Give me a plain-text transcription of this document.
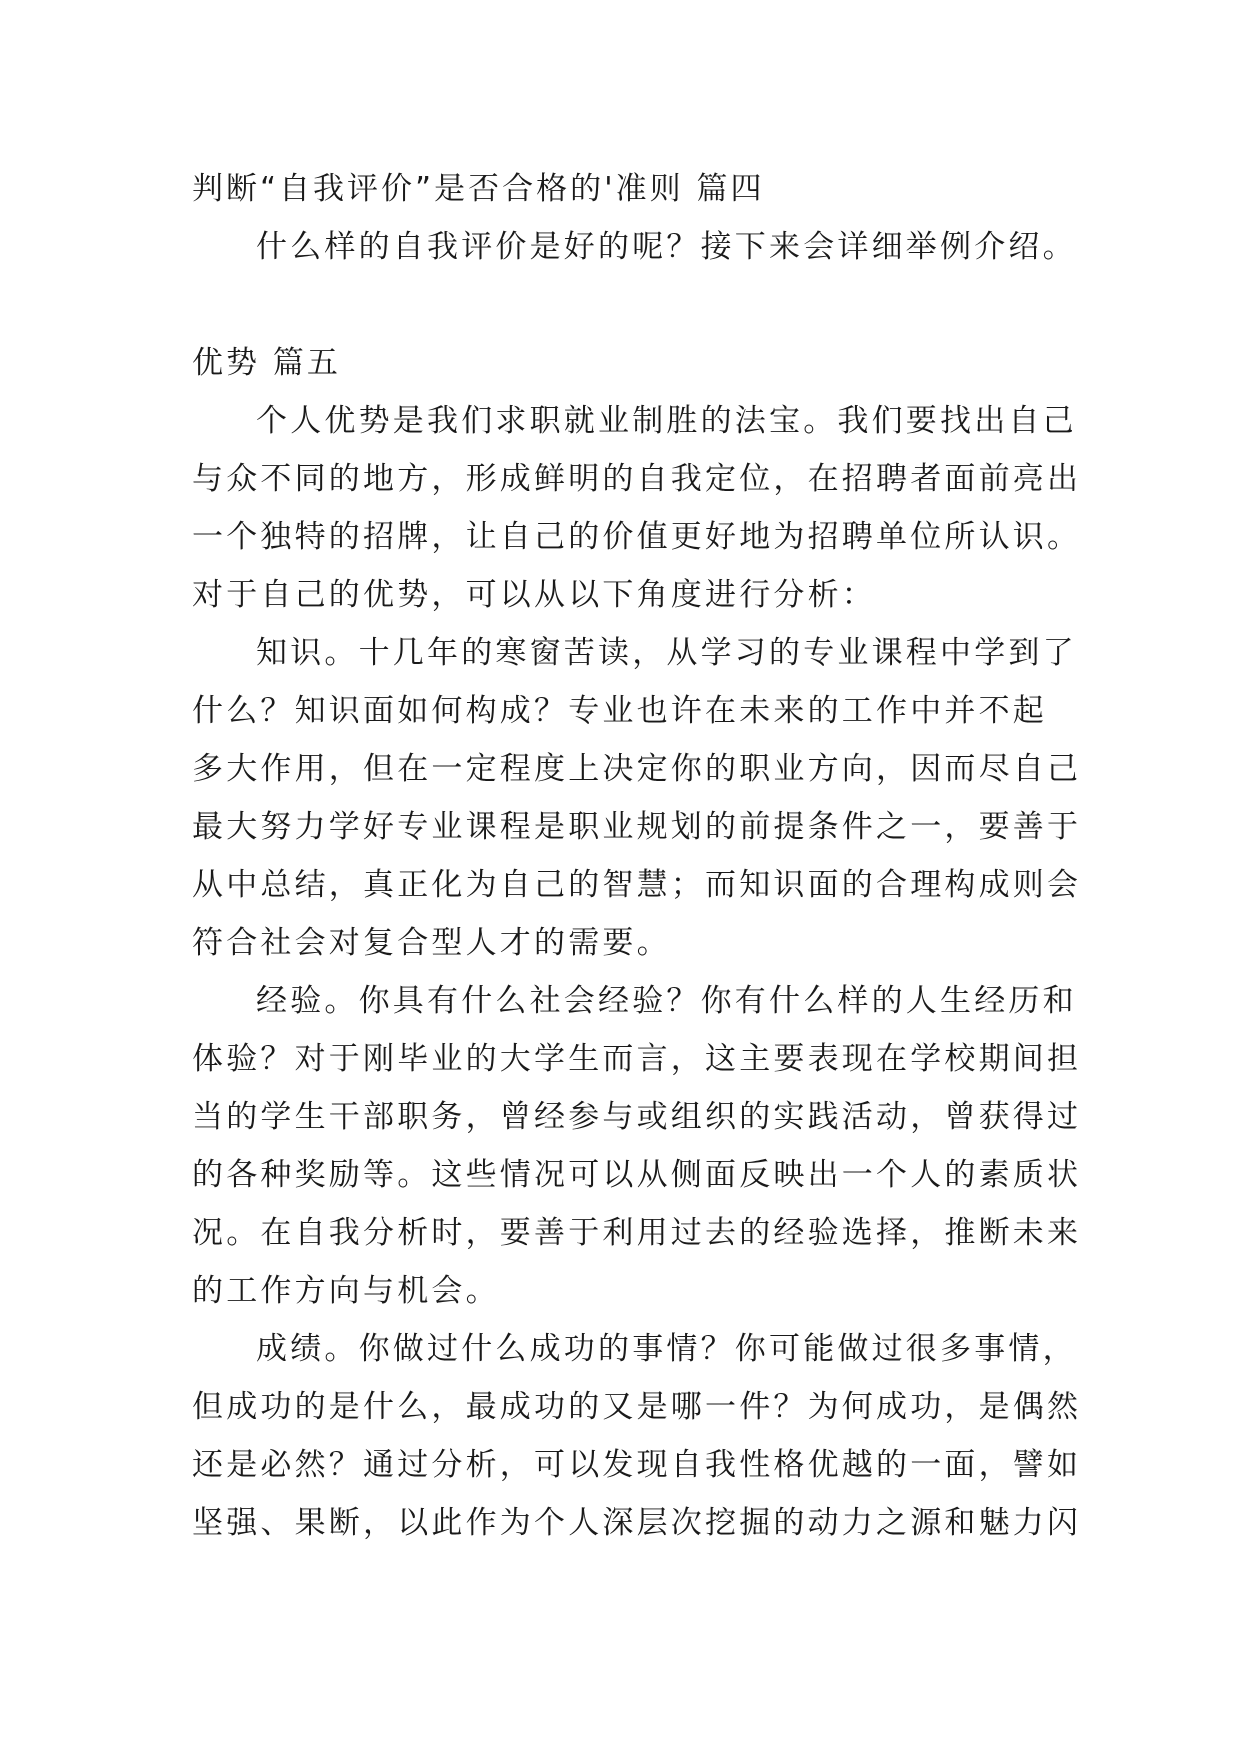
判断“自我评价”是否合格的'准则 篇四
什么样的自我评价是好的呢？接下来会详细举例介绍。
优势 篇五
个人优势是我们求职就业制胜的法宝。我们要找出自己
与众不同的地方，形成鲜明的自我定位，在招聘者面前亮出
一个独特的招牌，让自己的价值更好地为招聘单位所认识。
对于自己的优势，可以从以下角度进行分析：
知识。十几年的寒窗苦读，从学习的专业课程中学到了
什么？知识面如何构成？专业也许在未来的工作中并不起
多大作用，但在一定程度上决定你的职业方向，因而尽自己
最大努力学好专业课程是职业规划的前提条件之一，要善于
从中总结，真正化为自己的智慧；而知识面的合理构成则会
符合社会对复合型人才的需要。
经验。你具有什么社会经验？你有什么样的人生经历和
体验？对于刚毕业的大学生而言，这主要表现在学校期间担
当的学生干部职务，曾经参与或组织的实践活动，曾获得过
的各种奖励等。这些情况可以从侧面反映出一个人的素质状
况。在自我分析时，要善于利用过去的经验选择，推断未来
的工作方向与机会。
成绩。你做过什么成功的事情？你可能做过很多事情，
但成功的是什么，最成功的又是哪一件？为何成功，是偶然
还是必然？通过分析，可以发现自我性格优越的一面，譬如
坚强、果断，以此作为个人深层次挖掘的动力之源和魅力闪
